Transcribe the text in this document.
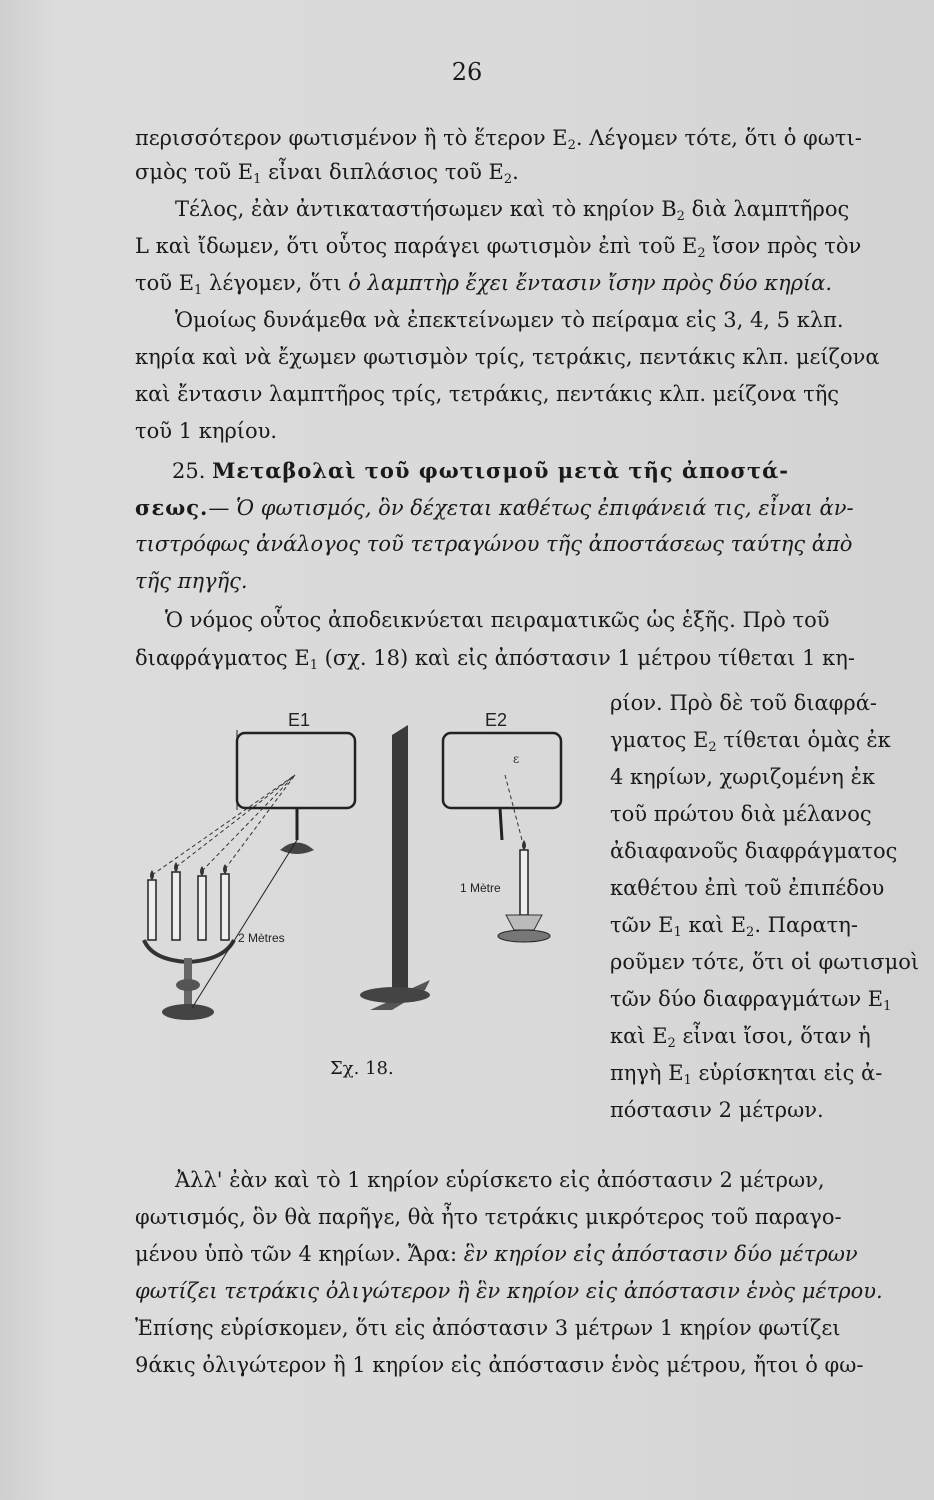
26
περισσότερον φωτισμένον ἢ τὸ ἕτερον $E_2$. Λέγομεν τότε, ὅτι ὁ φωτι-
σμὸς τοῦ $E_1$ εἶναι διπλάσιος τοῦ $E_2$.
Τέλος, ἐὰν ἀντικαταστήσωμεν καὶ τὸ κηρίον $B_2$ διὰ λαμπτῆρος
L καὶ ἴδωμεν, ὅτι οὗτος παράγει φωτισμὸν ἐπὶ τοῦ $E_2$ ἴσον πρὸς τὸν
τοῦ $E_1$ λέγομεν, ὅτι ὁ λαμπτὴρ ἔχει ἔντασιν ἴσην πρὸς δύο κηρία.
Ὁμοίως δυνάμεθα νὰ ἐπεκτείνωμεν τὸ πείραμα εἰς 3, 4, 5 κλπ.
κηρία καὶ νὰ ἔχωμεν φωτισμὸν τρίς, τετράκις, πεντάκις κλπ. μείζονα
καὶ ἔντασιν λαμπτῆρος τρίς, τετράκις, πεντάκις κλπ. μείζονα τῆς
τοῦ 1 κηρίου.
25. Μεταβολαὶ τοῦ φωτισμοῦ μετὰ τῆς ἀποστά-
σεως.— Ὁ φωτισμός, ὃν δέχεται καθέτως ἐπιφάνειά τις, εἶναι ἀν-
τιστρόφως ἀνάλογος τοῦ τετραγώνου τῆς ἀποστάσεως ταύτης ἀπὸ
τῆς πηγῆς.
Ὁ νόμος οὗτος ἀποδεικνύεται πειραματικῶς ὡς ἑξῆς. Πρὸ τοῦ
διαφράγματος $E_1$ (σχ. 18) καὶ εἰς ἀπόστασιν 1 μέτρου τίθεται 1 κη-
ρίον. Πρὸ δὲ τοῦ διαφρά-
γματος $E_2$ τίθεται ὁμὰς ἐκ
4 κηρίων, χωριζομένη ἐκ
τοῦ πρώτου διὰ μέλανος
ἀδιαφανοῦς διαφράγματος
καθέτου ἐπὶ τοῦ ἐπιπέδου
τῶν $E_1$ καὶ $E_2$. Παρατη-
ροῦμεν τότε, ὅτι οἱ φωτισμοὶ
τῶν δύο διαφραγμάτων $E_1$
καὶ $E_2$ εἶναι ἴσοι, ὅταν ἡ
πηγὴ $E_1$ εὑρίσκηται εἰς ἀ-
πόστασιν 2 μέτρων.
Ἀλλ' ἐὰν καὶ τὸ 1 κηρίον εὑρίσκετο εἰς ἀπόστασιν 2 μέτρων,
φωτισμός, ὃν θὰ παρῆγε, θὰ ἦτο τετράκις μικρότερος τοῦ παραγο-
μένου ὑπὸ τῶν 4 κηρίων. Ἄρα: ἓν κηρίον εἰς ἀπόστασιν δύο μέτρων
φωτίζει τετράκις ὀλιγώτερον ἢ ἓν κηρίον εἰς ἀπόστασιν ἑνὸς μέτρου.
Ἐπίσης εὑρίσκομεν, ὅτι εἰς ἀπόστασιν 3 μέτρων 1 κηρίον φωτίζει
9άκις ὀλιγώτερον ἢ 1 κηρίον εἰς ἀπόστασιν ἑνὸς μέτρου, ἤτοι ὁ φω-
E1	E2
ε
1 Mètre
2 Mètres
Σχ. 18.
